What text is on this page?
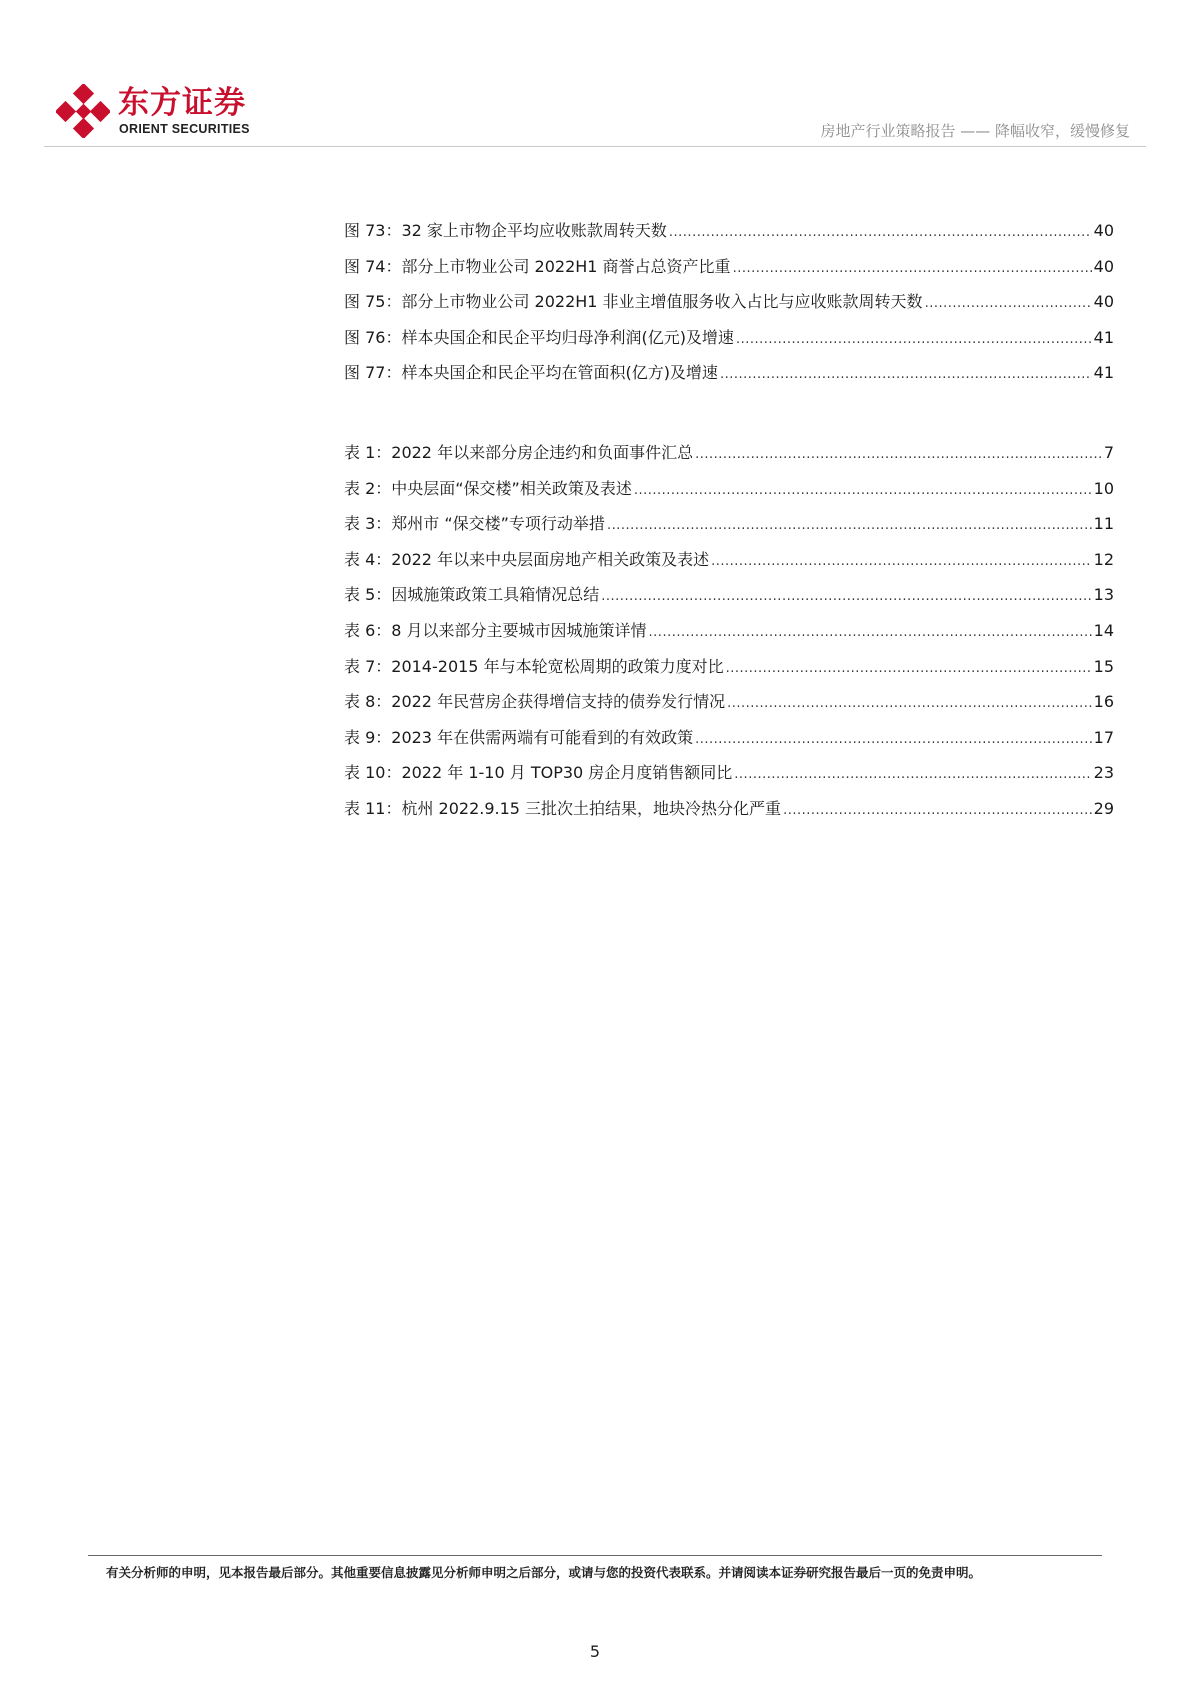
东方证券
ORIENT SECURITIES	房地产行业策略报告 —— 降幅收窄，缓慢修复
图 73：32 家上市物企平均应收账款周转天数 .....	40
图 74：部分上市物业公司 2022H1 商誉占总资产比重 .....	40
图 75：部分上市物业公司 2022H1 非业主增值服务收入占比与应收账款周转天数 .....	40
图 76：样本央国企和民企平均归母净利润(亿元)及增速 .....	41
图 77：样本央国企和民企平均在管面积(亿方)及增速 .....	41
表 1：2022 年以来部分房企违约和负面事件汇总 .....	7
表 2：中央层面“保交楼”相关政策及表述 .....	10
表 3：郑州市 “保交楼”专项行动举措 .....	11
表 4：2022 年以来中央层面房地产相关政策及表述 .....	12
表 5：因城施策政策工具箱情况总结 .....	13
表 6：8 月以来部分主要城市因城施策详情 .....	14
表 7：2014-2015 年与本轮宽松周期的政策力度对比 .....	15
表 8：2022 年民营房企获得增信支持的债券发行情况 .....	16
表 9：2023 年在供需两端有可能看到的有效政策 .....	17
表 10：2022 年 1-10 月 TOP30 房企月度销售额同比 .....	23
表 11：杭州 2022.9.15 三批次土拍结果，地块冷热分化严重 .....	29
有关分析师的申明，见本报告最后部分。其他重要信息披露见分析师申明之后部分，或请与您的投资代表联系。并请阅读本证券研究报告最后一页的免责申明。
5
